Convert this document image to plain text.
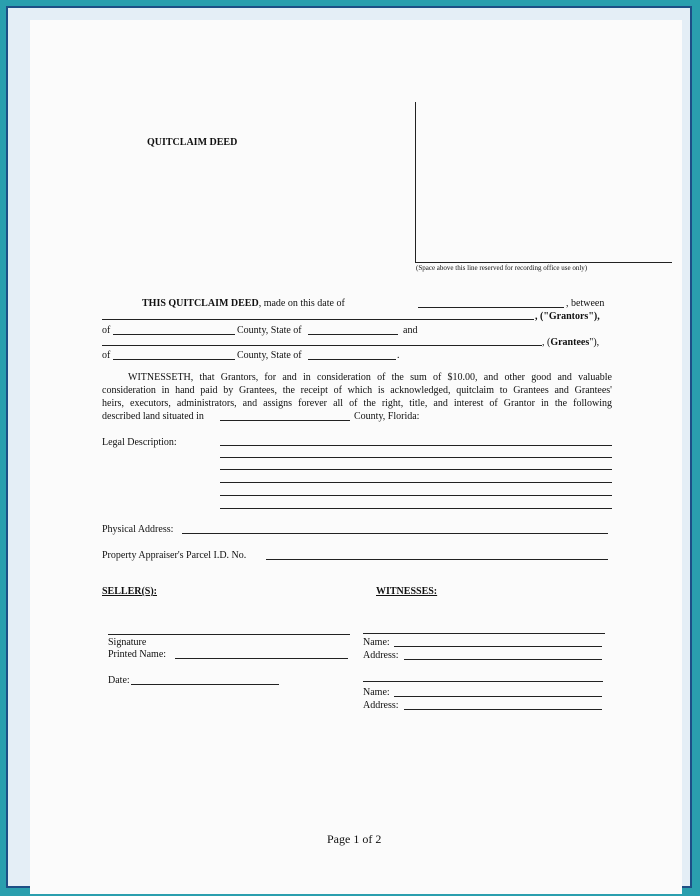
QUITCLAIM DEED
(Space above this line reserved for recording office use only)
THIS QUITCLAIM DEED, made on this date of	, between
, ("Grantors"),
of	County, State of	and
, (Grantees"),
of	County, State of	.
WITNESSETH, that Grantors, for and in consideration of the sum of $10.00, and other good and valuable
consideration in hand paid by Grantees, the receipt of which is acknowledged, quitclaim to Grantees and Grantees'
heirs, executors, administrators, and assigns forever all of the right, title, and interest of Grantor in the following
described land situated in	County, Florida:
Legal Description:
Physical Address:
Property Appraiser's Parcel I.D. No.
SELLER(S):
Signature
Printed Name:
Date:
WITNESSES:
Name:
Address:
Name:
Address:
Page 1 of 2
